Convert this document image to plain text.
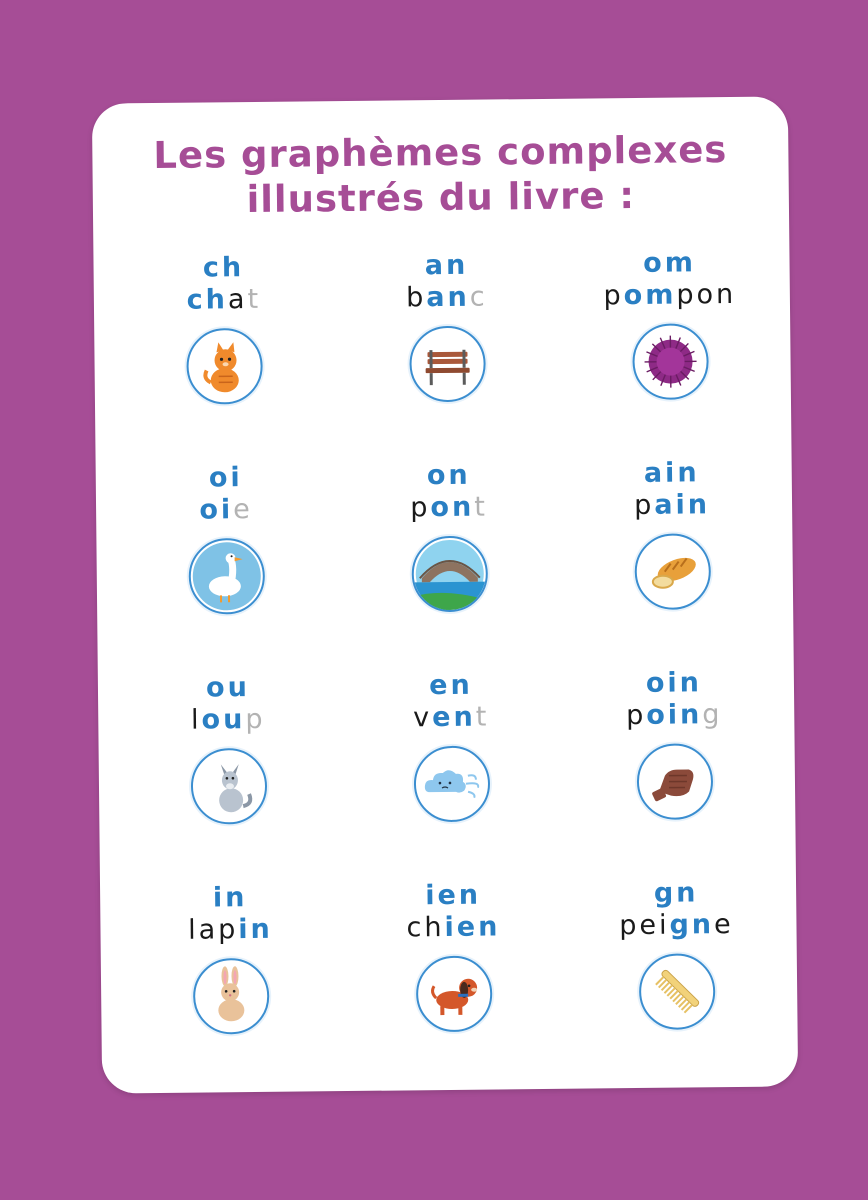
Les graphèmes complexes
illustrés du livre :
ch
chat
an
banc
om
pompon
oi
oie
on
pont
ain
pain
ou
loup
en
vent
oin
poing
in
lapin
ien
chien
gn
peigne
